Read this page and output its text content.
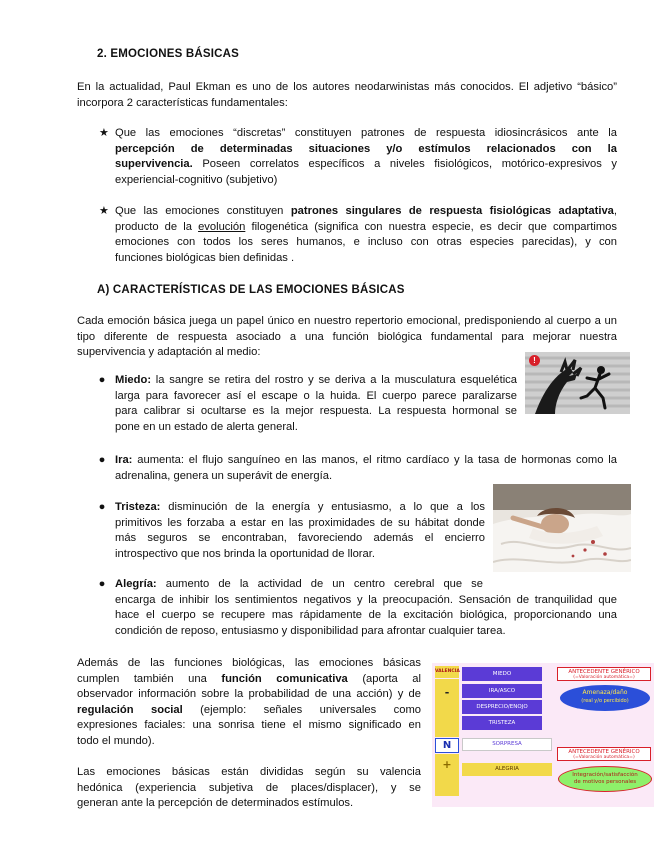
2. EMOCIONES BÁSICAS
En la actualidad, Paul Ekman es uno de los autores neodarwinistas más conocidos. El adjetivo “básico” incorpora 2 características fundamentales:
★ Que las emociones “discretas” constituyen patrones de respuesta idiosincrásicos ante la
percepción de determinadas situaciones y/o estímulos relacionados con la
supervivencia. Poseen correlatos específicos a niveles fisiológicos, motórico-expresivos y
experiencial-cognitivo (subjetivo)
★ Que las emociones constituyen patrones singulares de respuesta fisiológicas adaptativa,
producto de la evolución filogenética (significa con nuestra especie, es decir que compartimos
emociones con todos los seres humanos, e incluso con otras especies parecidas), y con
funciones biológicas bien definidas .
A) CARACTERÍSTICAS DE LAS EMOCIONES BÁSICAS
Cada emoción básica juega un papel único en nuestro repertorio emocional, predisponiendo al cuerpo a un tipo diferente de respuesta asociado a una función biológica fundamental para mejorar nuestra supervivencia y adaptación al medio:
!
● Miedo: la sangre se retira del rostro y se deriva a la musculatura esquelética
larga para favorecer así el escape o la huida. El cuerpo parece paralizarse
para calibrar si ocultarse es la mejor respuesta. La respuesta hormonal se
pone en un estado de alerta general.
● Ira: aumenta: el flujo sanguíneo en las manos, el ritmo cardíaco y la tasa de hormonas como la
adrenalina, genera un superávit de energía.
● Tristeza: disminución de la energía y entusiasmo, a lo que a los
primitivos les forzaba a estar en las proximidades de su hábitat donde
más seguros se encontraban, favoreciendo además el encierro
introspectivo que nos brinda la oportunidad de llorar.
● Alegría: aumento de la actividad de un centro cerebral que se
encarga de inhibir los sentimientos negativos y la preocupación. Sensación de tranquilidad que
hace el cuerpo se recupere mas rápidamente de la excitación biológica, proporcionando una
condición de reposo, entusiasmo y disponibilidad para afrontar cualquier tarea.
Además de las funciones biológicas, las emociones básicas
cumplen también una función comunicativa (aporta al
observador información sobre la probabilidad de una acción) y de
regulación social (ejemplo: señales universales como
expresiones faciales: una sonrisa tiene el mismo significado en
todo el mundo).
Las emociones básicas están divididas según su valencia
hedónica (experiencia subjetiva de places/displacer), y se
generan ante la percepción de determinados estímulos.
VALENCIA
-
N
+
MIEDO
IRA/ASCO
DESPRECIO/ENOJO
TRISTEZA
SORPRESA
ALEGRIA
ANTECEDENTE GENÉRICO
(=Valoración automática=)
Amenaza/daño
(real y/o percibido)
ANTECEDENTE GENÉRICO
(=Valoración automática=)
Integración/satisfacción de motivos personales
